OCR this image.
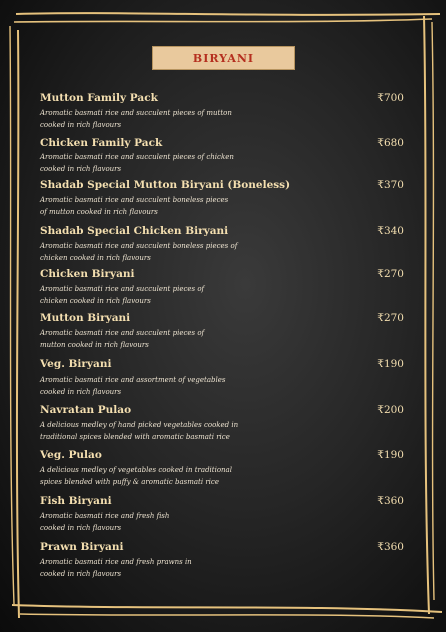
BIRYANI
Mutton Family Pack	₹700
Aromatic basmati rice and succulent pieces of mutton
cooked in rich flavours
Chicken Family Pack	₹680
Aromatic basmati rice and succulent pieces of chicken
cooked in rich flavours
Shadab Special Mutton Biryani (Boneless)	₹370
Aromatic basmati rice and succulent boneless pieces
of mutton cooked in rich flavours
Shadab Special Chicken Biryani	₹340
Aromatic basmati rice and succulent boneless pieces of
chicken cooked in rich flavours
Chicken Biryani	₹270
Aromatic basmati rice and succulent pieces of
chicken cooked in rich flavours
Mutton Biryani	₹270
Aromatic basmati rice and succulent pieces of
mutton cooked in rich flavours
Veg. Biryani	₹190
Aromatic basmati rice and assortment of vegetables
cooked in rich flavours
Navratan Pulao	₹200
A delicious medley of hand picked vegetables cooked in
traditional spices blended with aromatic basmati rice
Veg. Pulao	₹190
A delicious medley of vegetables cooked in traditional
spices blended with puffy & aromatic basmati rice
Fish Biryani	₹360
Aromatic basmati rice and fresh fish
cooked in rich flavours
Prawn Biryani	₹360
Aromatic basmati rice and fresh prawns in
cooked in rich flavours
